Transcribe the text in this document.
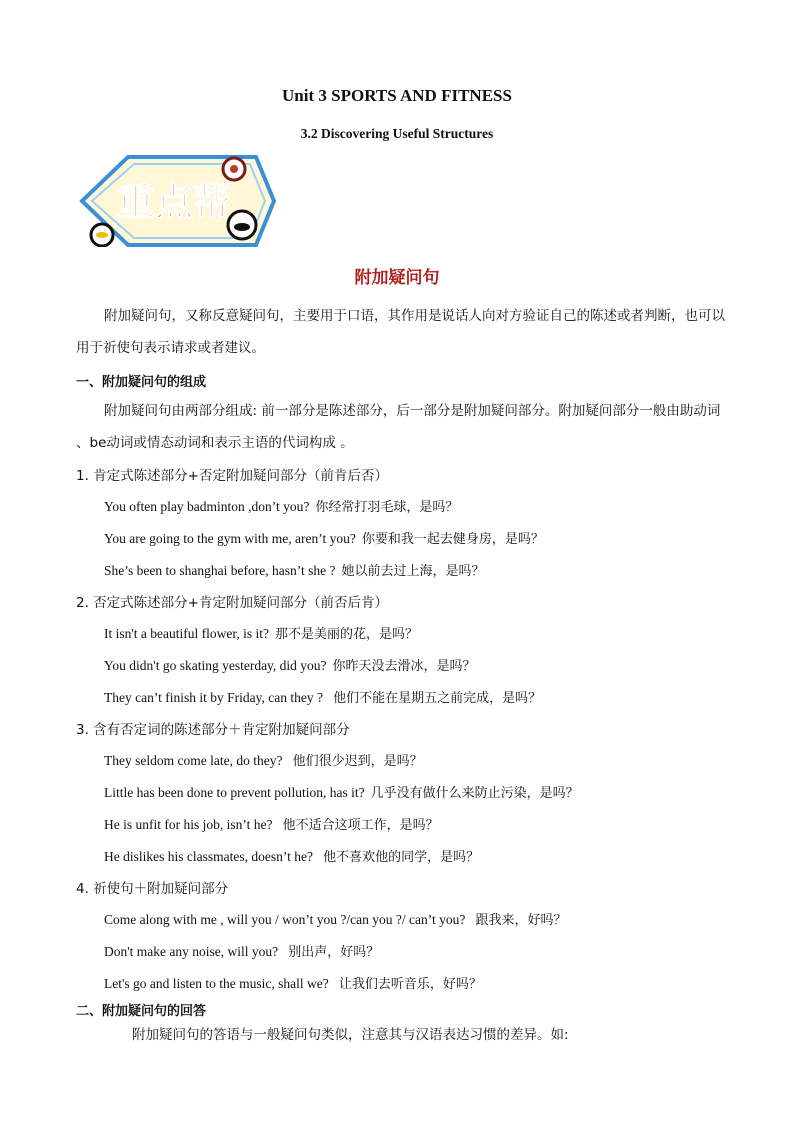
Unit 3 SPORTS AND FITNESS
3.2 Discovering Useful Structures
重点帮
附加疑问句
附加疑问句，又称反意疑问句，主要用于口语，其作用是说话人向对方验证自己的陈述或者判断，也可以用于祈使句表示请求或者建议。
一、附加疑问句的组成
附加疑问句由两部分组成: 前一部分是陈述部分，后一部分是附加疑问部分。附加疑问部分一般由助动词 、be动词或情态动词和表示主语的代词构成 。
1. 肯定式陈述部分+否定附加疑问部分（前肯后否）
You often play badminton ,don’t you? 你经常打羽毛球，是吗？
You are going to the gym with me, aren’t you? 你要和我一起去健身房，是吗？
She’s been to shanghai before, hasn’t she ? 她以前去过上海，是吗？
2. 否定式陈述部分+肯定附加疑问部分（前否后肯）
It isn't a beautiful flower, is it? 那不是美丽的花，是吗？
You didn't go skating yesterday, did you? 你昨天没去滑冰，是吗？
They can’t finish it by Friday, can they ? 他们不能在星期五之前完成，是吗？
3. 含有否定词的陈述部分＋肯定附加疑问部分
They seldom come late, do they? 他们很少迟到，是吗？
Little has been done to prevent pollution, has it? 几乎没有做什么来防止污染，是吗？
He is unfit for his job, isn’t he? 他不适合这项工作，是吗？
He dislikes his classmates, doesn’t he? 他不喜欢他的同学，是吗？
4. 祈使句＋附加疑问部分
Come along with me , will you / won’t you ?/can you ?/ can’t you? 跟我来，好吗？
Don't make any noise, will you? 别出声，好吗？
Let's go and listen to the music, shall we? 让我们去听音乐，好吗？
二、附加疑问句的回答
附加疑问句的答语与一般疑问句类似，注意其与汉语表达习惯的差异。如:
